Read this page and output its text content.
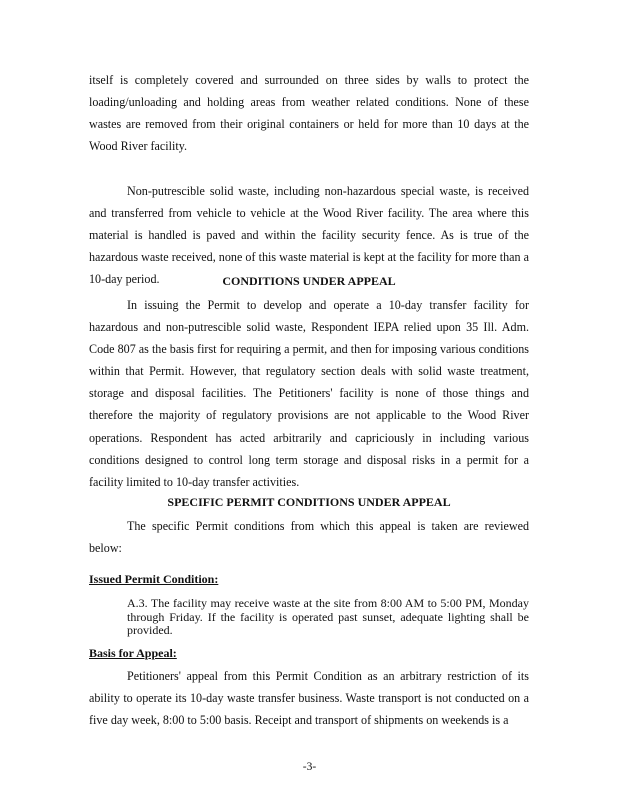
itself is completely covered and surrounded on three sides by walls to protect the loading/unloading and holding areas from weather related conditions. None of these wastes are removed from their original containers or held for more than 10 days at the Wood River facility.

Non-putrescible solid waste, including non-hazardous special waste, is received and transferred from vehicle to vehicle at the Wood River facility. The area where this material is handled is paved and within the facility security fence. As is true of the hazardous waste received, none of this waste material is kept at the facility for more than a 10-day period.	CONDITIONS UNDER APPEAL

In issuing the Permit to develop and operate a 10-day transfer facility for hazardous and non-putrescible solid waste, Respondent IEPA relied upon 35 Ill. Adm. Code 807 as the basis first for requiring a permit, and then for imposing various conditions within that Permit. However, that regulatory section deals with solid waste treatment, storage and disposal facilities. The Petitioners' facility is none of those things and therefore the majority of regulatory provisions are not applicable to the Wood River operations. Respondent has acted arbitrarily and capriciously in including various conditions designed to control long term storage and disposal risks in a permit for a facility limited to 10-day transfer activities.

SPECIFIC PERMIT CONDITIONS UNDER APPEAL

The specific Permit conditions from which this appeal is taken are reviewed below:

Issued Permit Condition:

A.3. The facility may receive waste at the site from 8:00 AM to 5:00 PM, Monday through Friday. If the facility is operated past sunset, adequate lighting shall be provided.

Basis for Appeal:

Petitioners' appeal from this Permit Condition as an arbitrary restriction of its ability to operate its 10-day waste transfer business. Waste transport is not conducted on a five day week, 8:00 to 5:00 basis. Receipt and transport of shipments on weekends is a

-3-
